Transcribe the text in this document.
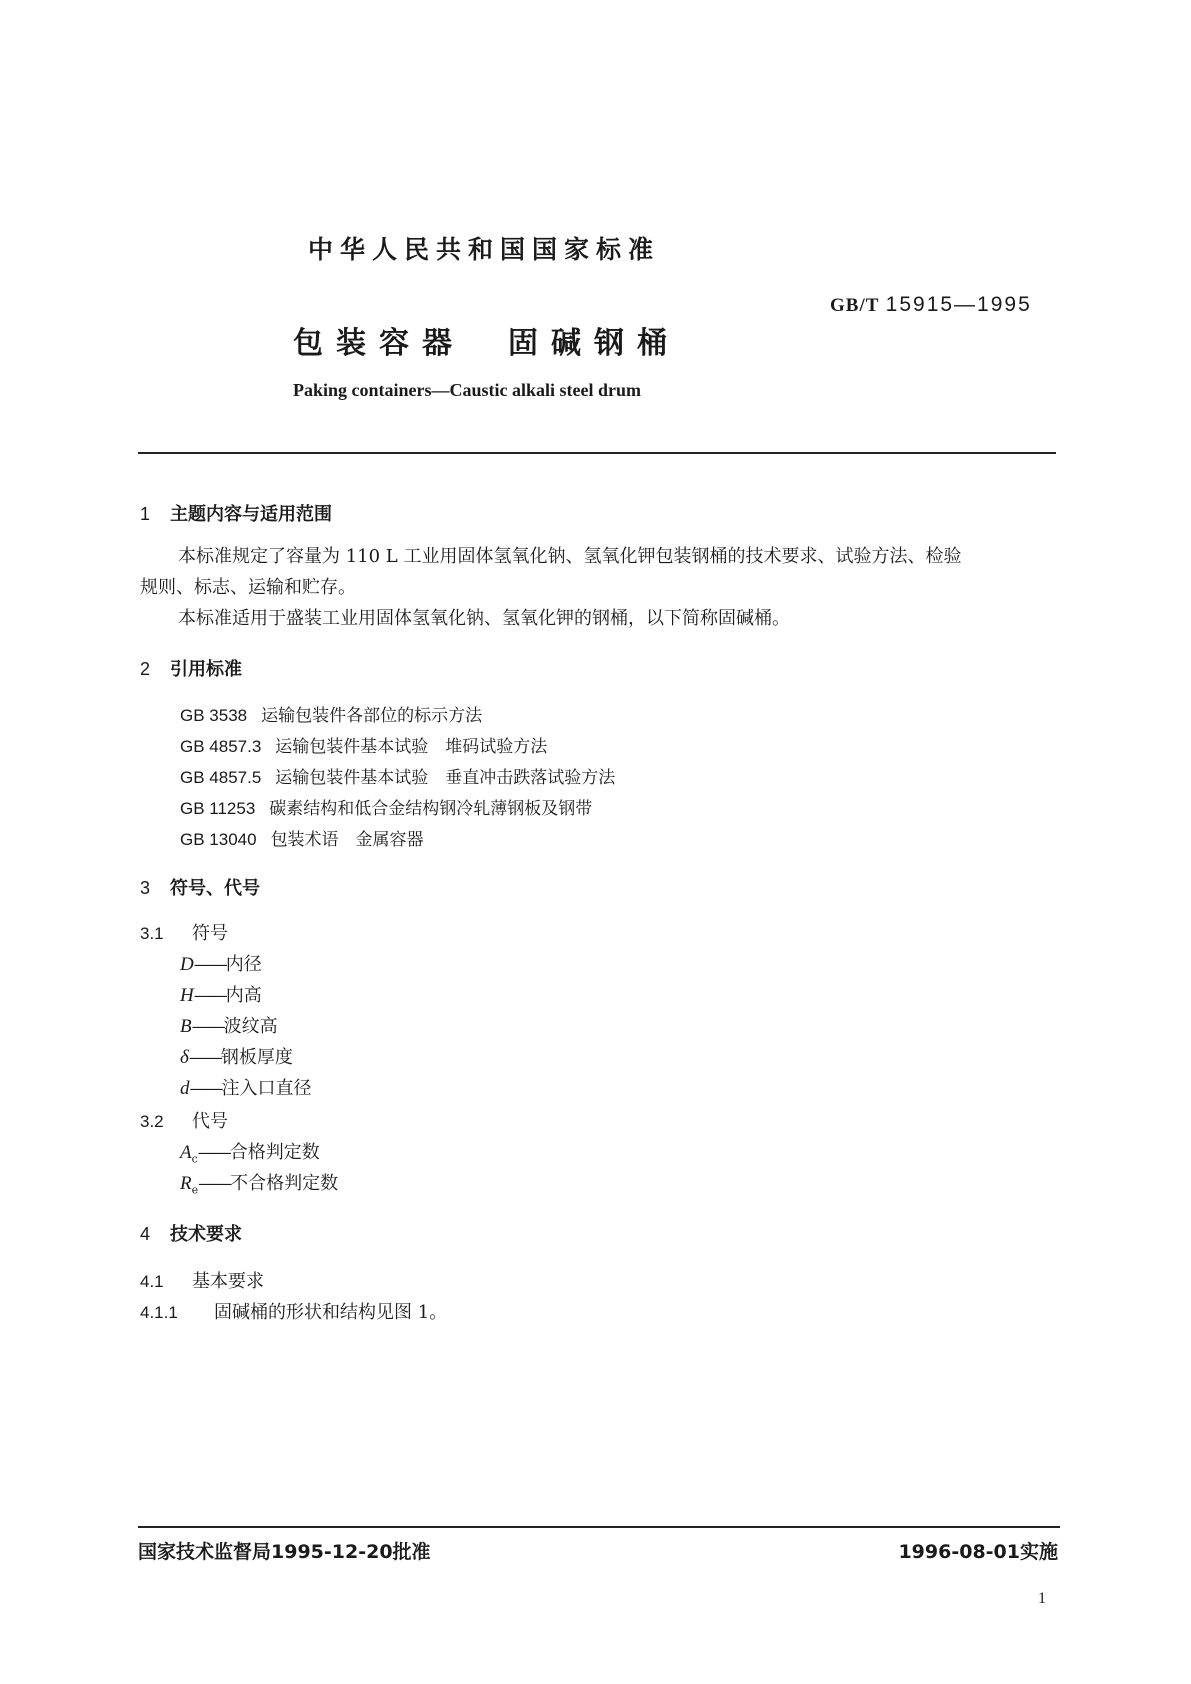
中华人民共和国国家标准
GB/T 15915—1995
包装容器　 固碱钢桶
Paking containers—Caustic alkali steel drum
1 主题内容与适用范围
本标准规定了容量为 110 L 工业用固体氢氧化钠、氢氧化钾包装钢桶的技术要求、试验方法、检验
规则、标志、运输和贮存。
本标准适用于盛装工业用固体氢氧化钠、氢氧化钾的钢桶，以下简称固碱桶。
2 引用标准
GB 3538 运输包装件各部位的标示方法
GB 4857.3 运输包装件基本试验　堆码试验方法
GB 4857.5 运输包装件基本试验　垂直冲击跌落试验方法
GB 11253 碳素结构和低合金结构钢冷轧薄钢板及钢带
GB 13040 包装术语　金属容器
3 符号、代号
3.1 符号
D——内径
H——内高
B——波纹高
δ——钢板厚度
d——注入口直径
3.2 代号
$A_c——$合格判定数
$R_e——$不合格判定数
4 技术要求
4.1 基本要求
4.1.1 固碱桶的形状和结构见图 1。
国家技术监督局1995-12-20批准	1996-08-01实施
1
